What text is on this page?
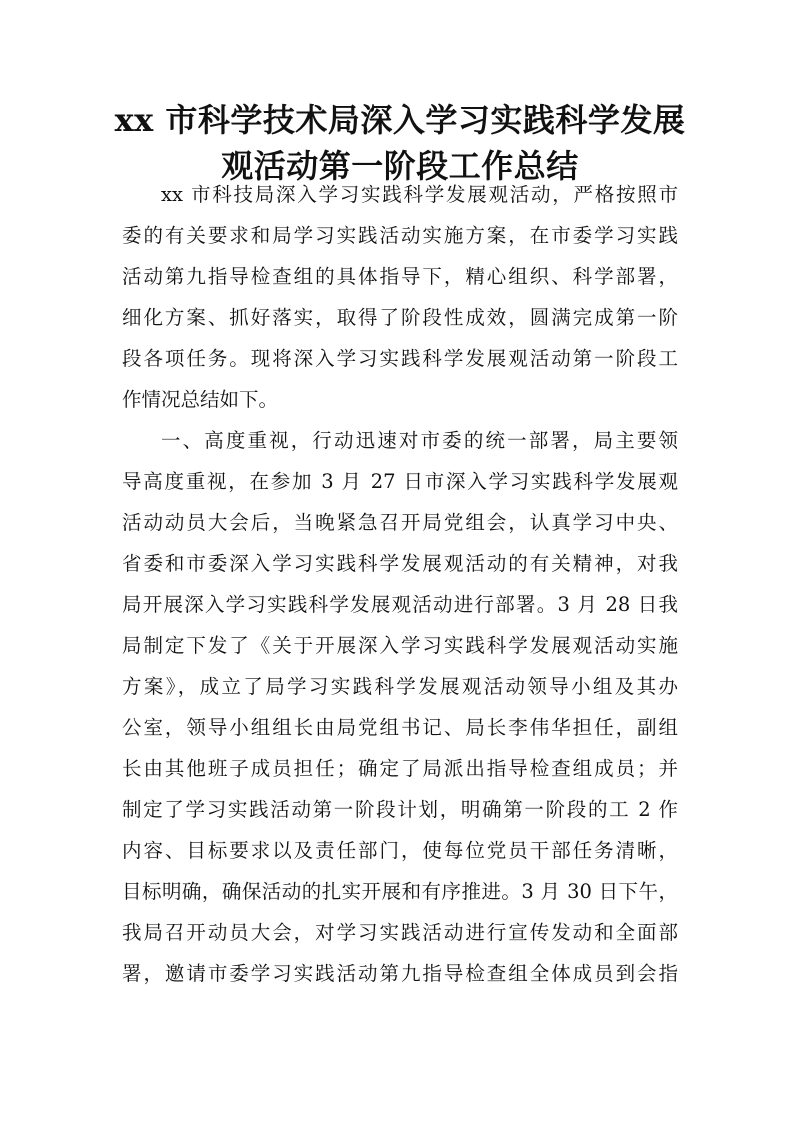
xx 市科学技术局深入学习实践科学发展
观活动第一阶段工作总结
xx 市科技局深入学习实践科学发展观活动，严格按照市
委的有关要求和局学习实践活动实施方案，在市委学习实践
活动第九指导检查组的具体指导下，精心组织、科学部署，
细化方案、抓好落实，取得了阶段性成效，圆满完成第一阶
段各项任务。现将深入学习实践科学发展观活动第一阶段工
作情况总结如下。
一、高度重视，行动迅速对市委的统一部署，局主要领
导高度重视，在参加 3 月 27 日市深入学习实践科学发展观
活动动员大会后，当晚紧急召开局党组会，认真学习中央、
省委和市委深入学习实践科学发展观活动的有关精神，对我
局开展深入学习实践科学发展观活动进行部署。3 月 28 日我
局制定下发了《关于开展深入学习实践科学发展观活动实施
方案》，成立了局学习实践科学发展观活动领导小组及其办
公室，领导小组组长由局党组书记、局长李伟华担任，副组
长由其他班子成员担任；确定了局派出指导检查组成员；并
制定了学习实践活动第一阶段计划，明确第一阶段的工 2 作
内容、目标要求以及责任部门，使每位党员干部任务清晰，
目标明确，确保活动的扎实开展和有序推进。3 月 30 日下午，
我局召开动员大会，对学习实践活动进行宣传发动和全面部
署，邀请市委学习实践活动第九指导检查组全体成员到会指
